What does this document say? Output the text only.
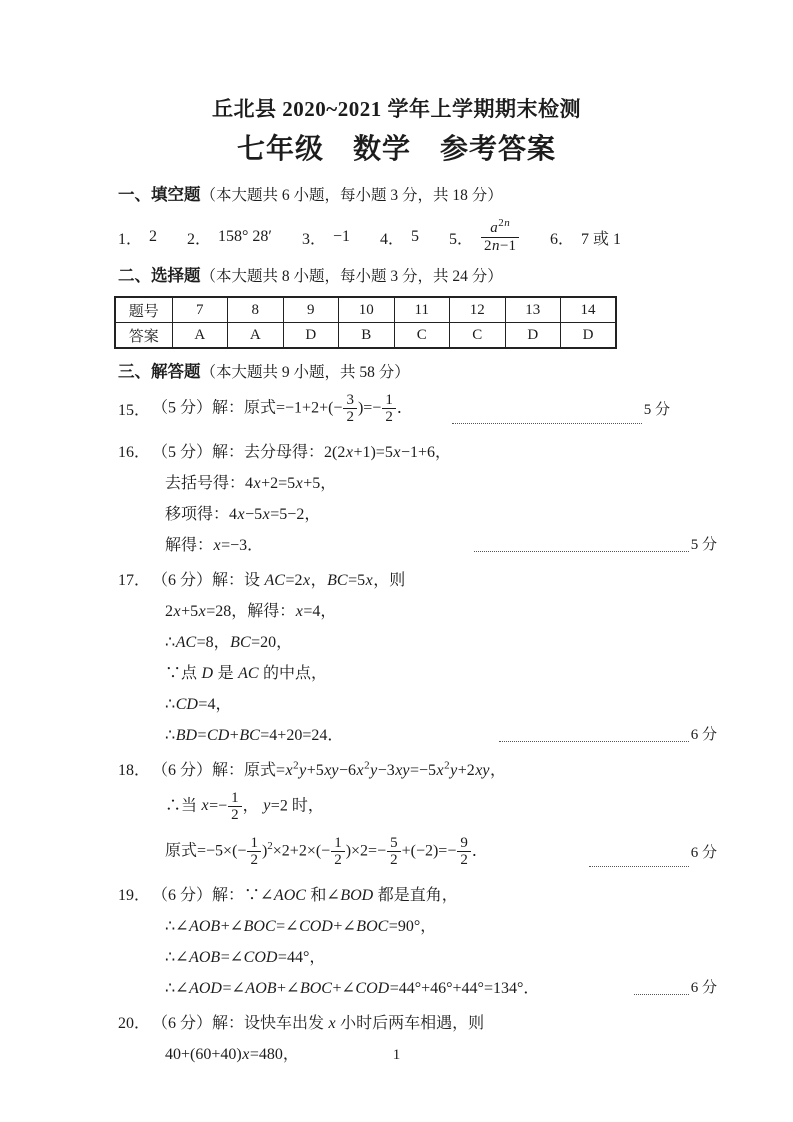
丘北县 2020~2021 学年上学期期末检测
七年级　数学　参考答案
一、填空题（本大题共 6 小题，每小题 3 分，共 18 分）
1． 2 2． 158° 28′ 3． −1 4． 5 5． $\frac{a^{2n}}{2n-1} 6$． 7 或 1
二、选择题（本大题共 8 小题，每小题 3 分，共 24 分）
题号	7	8	9	10	11	12	13	14
答案	A	A	D	B	C	C	D	D
三、解答题（本大题共 9 小题，共 58 分）
15． （5 分）解：原式$=-1+2+(- \frac{3}{2}$ )=− $\frac{1}{2}$ ．	5 分
16． （5 分）解：去分母得：2(2x+1)=5x−1+6，
去括号得：4x+2=5x+5，
移项得：4x−5x=5−2，
解得：x=−3．	5 分
17． （6 分）解：设 AC=2x，BC=5x，则
2x+5x=28，解得：x=4，
∴AC=8，BC=20，
∵点 D 是 AC 的中点，
∴CD=4，
∴BD=CD+BC=4+20=24．	6 分
18． （6 分）解：原式$=x^2y+5xy-6x^2y-3xy=-5x^2y+2xy$，
∴当 $x=- \frac{1}{2}$ ， y=2 时，
原式$=-5\times(- \frac{1}{2} )^2\times 2+2\times(- \frac{1}{2} )\times 2=- \frac{5}{2} +(-2)=- \frac{9}{2}$ ．	6 分
19． （6 分）解：∵∠AOC 和∠BOD 都是直角，
∴∠AOB+∠BOC=∠COD+∠BOC=90°，
∴∠AOB=∠COD=44°，
∴∠AOD=∠AOB+∠BOC+∠COD=44°+46°+44°=134°．	6 分
20． （6 分）解：设快车出发 x 小时后两车相遇，则
40+(60+40)x=480，	1
